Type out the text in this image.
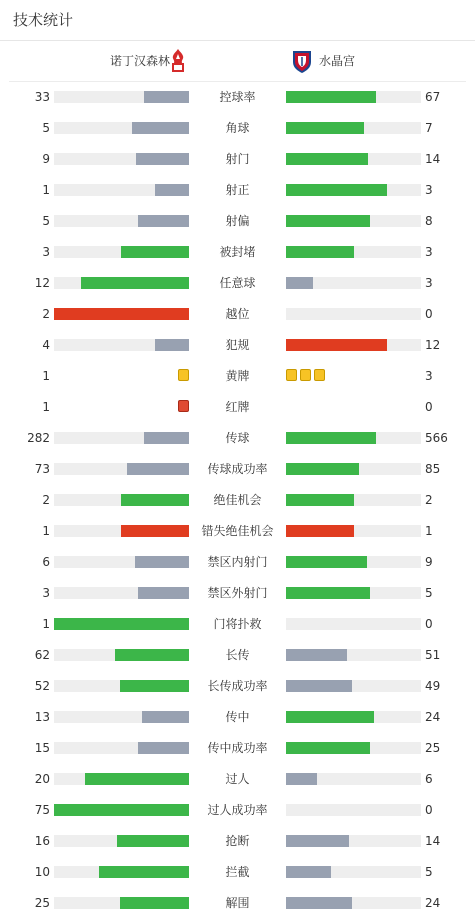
技术统计
诺丁汉森林	水晶宫
33	控球率	67
5	角球	7
9	射门	14
1	射正	3
5	射偏	8
3	被封堵	3
12	任意球	3
2	越位	0
4	犯规	12
1	黄牌	3
1	红牌	0
282	传球	566
73	传球成功率	85
2	绝佳机会	2
1	错失绝佳机会	1
6	禁区内射门	9
3	禁区外射门	5
1	门将扑救	0
62	长传	51
52	长传成功率	49
13	传中	24
15	传中成功率	25
20	过人	6
75	过人成功率	0
16	抢断	14
10	拦截	5
25	解围	24
